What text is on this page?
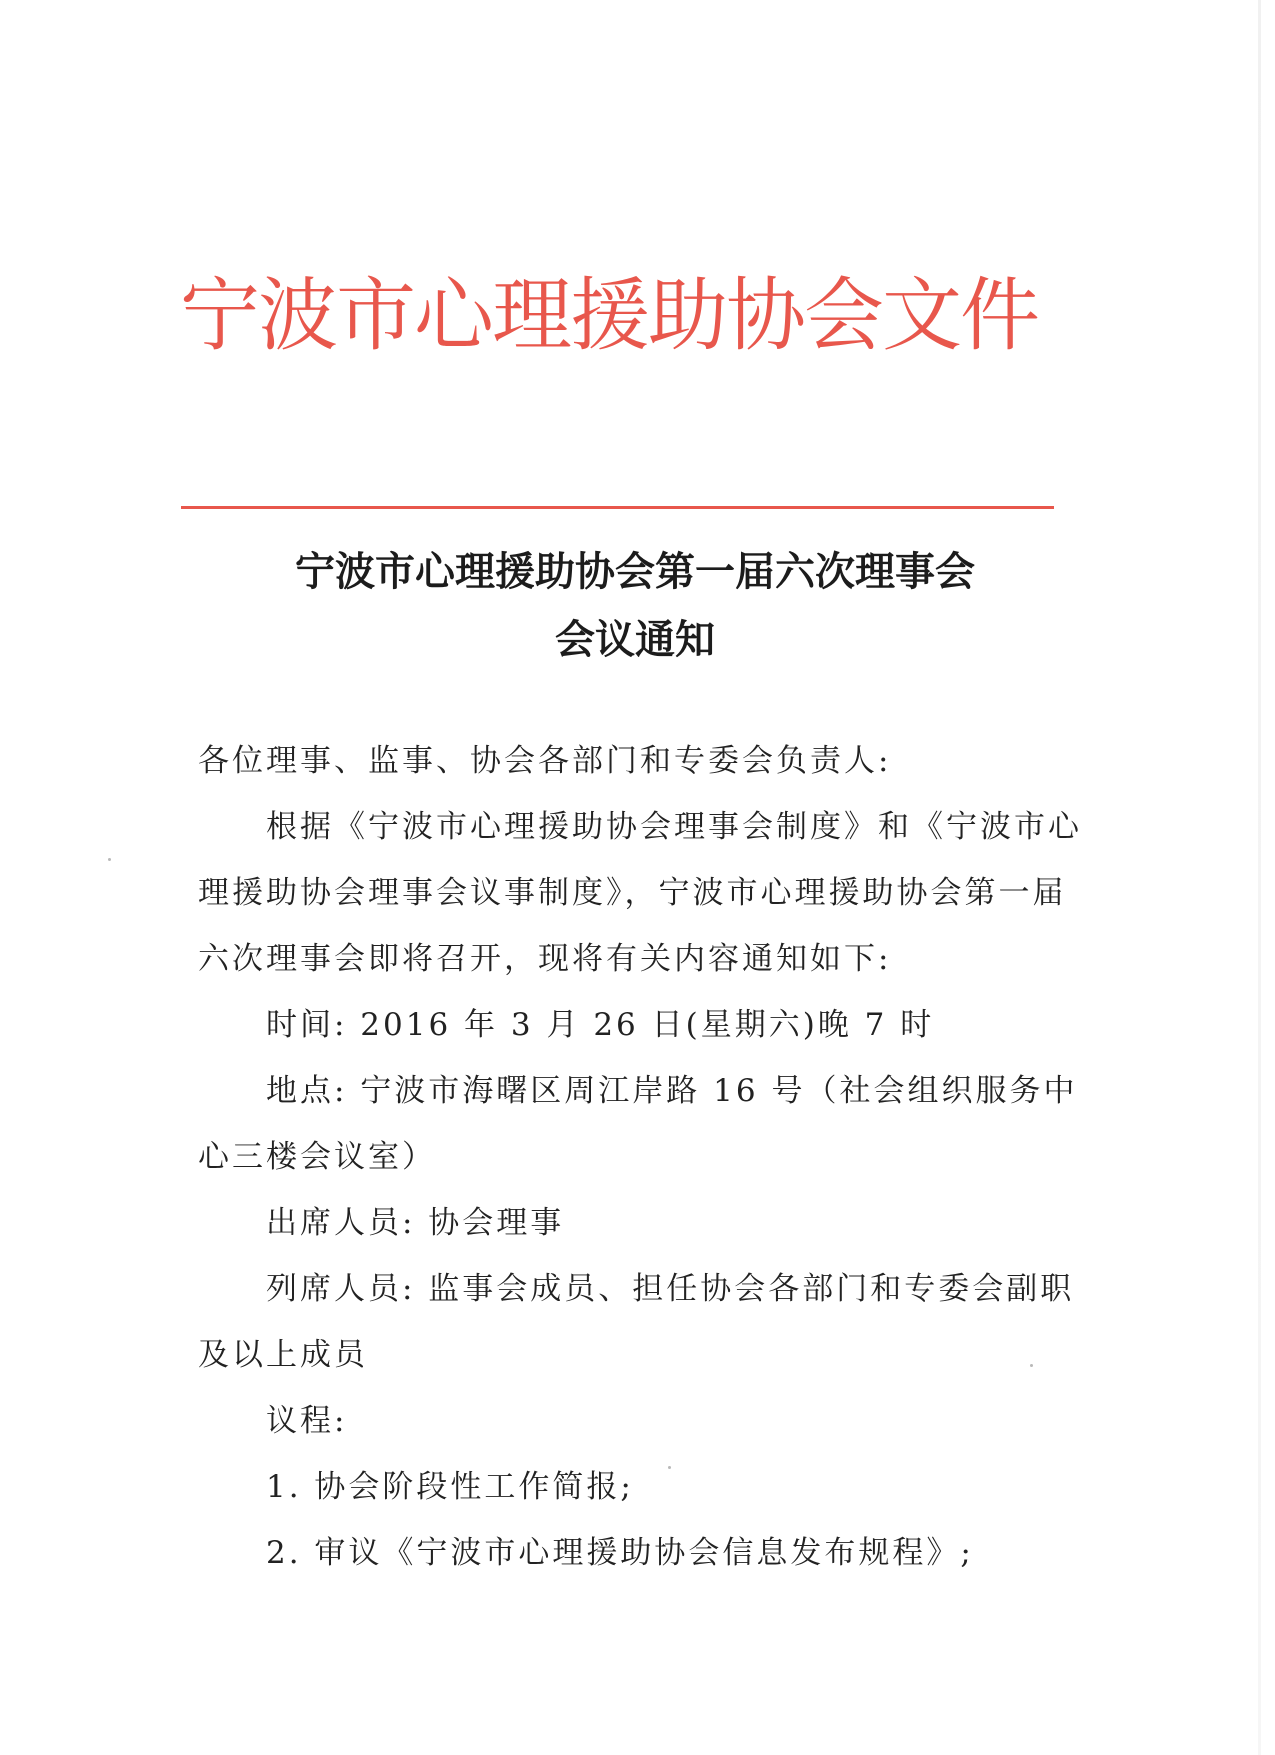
宁波市心理援助协会文件
宁波市心理援助协会第一届六次理事会
会议通知
各位理事、监事、协会各部门和专委会负责人:
根据《宁波市心理援助协会理事会制度》和《宁波市心
理援助协会理事会议事制度》，宁波市心理援助协会第一届
六次理事会即将召开，现将有关内容通知如下:
时间: 2016 年 3 月 26 日(星期六)晚 7 时
地点: 宁波市海曙区周江岸路 16 号（社会组织服务中
心三楼会议室）
出席人员: 协会理事
列席人员: 监事会成员、担任协会各部门和专委会副职
及以上成员
议程:
1. 协会阶段性工作简报;
2. 审议《宁波市心理援助协会信息发布规程》;
